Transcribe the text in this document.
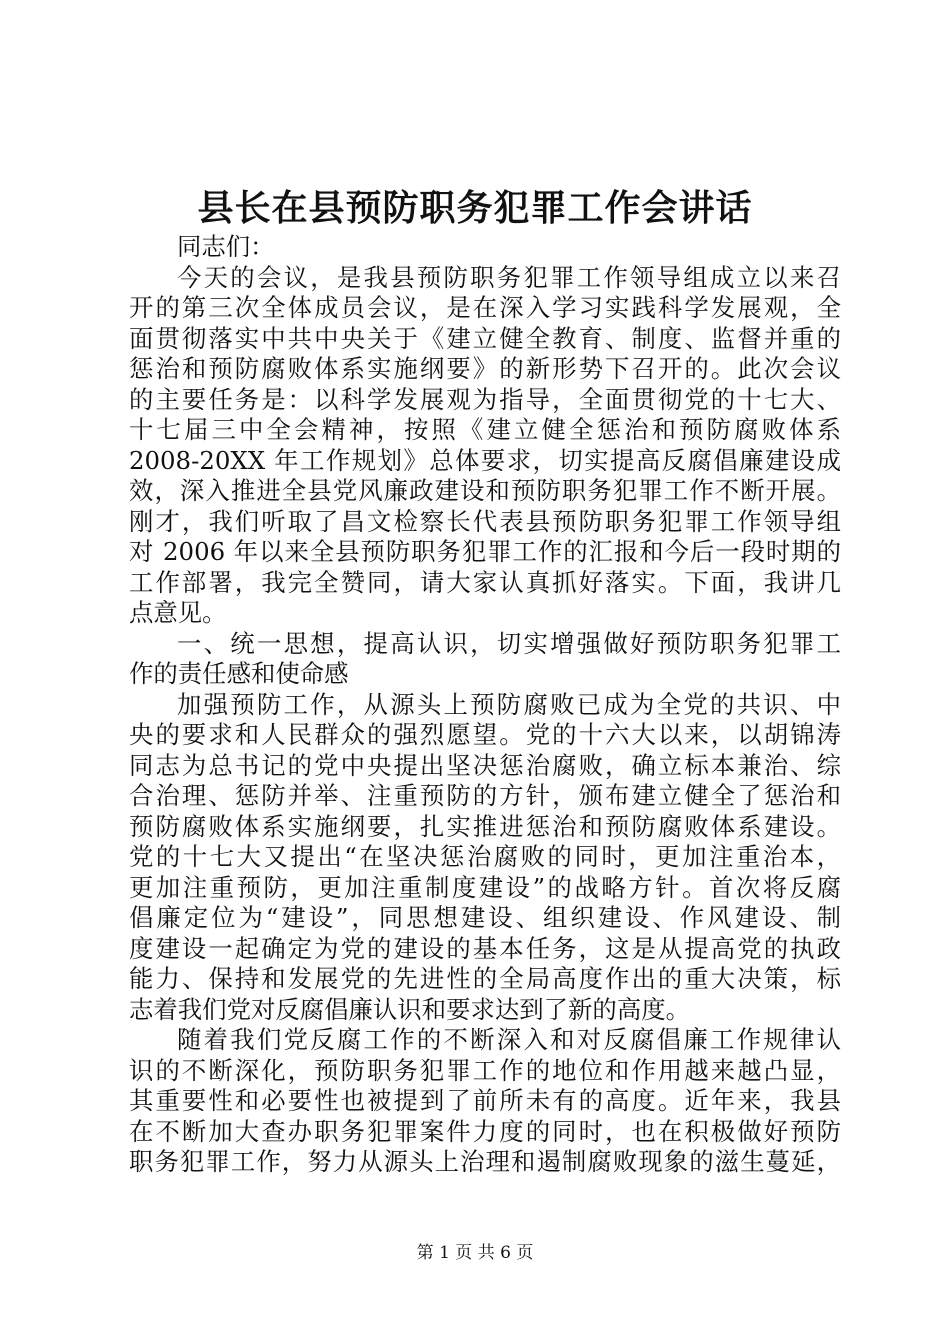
县长在县预防职务犯罪工作会讲话
同志们：
今天的会议，是我县预防职务犯罪工作领导组成立以来召
开的第三次全体成员会议，是在深入学习实践科学发展观，全
面贯彻落实中共中央关于《建立健全教育、制度、监督并重的
惩治和预防腐败体系实施纲要》的新形势下召开的。此次会议
的主要任务是：以科学发展观为指导，全面贯彻党的十七大、
十七届三中全会精神，按照《建立健全惩治和预防腐败体系
2008-20XX 年工作规划》总体要求，切实提高反腐倡廉建设成
效，深入推进全县党风廉政建设和预防职务犯罪工作不断开展。
刚才，我们听取了昌文检察长代表县预防职务犯罪工作领导组
对 2006 年以来全县预防职务犯罪工作的汇报和今后一段时期的
工作部署，我完全赞同，请大家认真抓好落实。下面，我讲几
点意见。
一、统一思想，提高认识，切实增强做好预防职务犯罪工
作的责任感和使命感
加强预防工作，从源头上预防腐败已成为全党的共识、中
央的要求和人民群众的强烈愿望。党的十六大以来，以胡锦涛
同志为总书记的党中央提出坚决惩治腐败，确立标本兼治、综
合治理、惩防并举、注重预防的方针，颁布建立健全了惩治和
预防腐败体系实施纲要，扎实推进惩治和预防腐败体系建设。
党的十七大又提出“在坚决惩治腐败的同时，更加注重治本，
更加注重预防，更加注重制度建设”的战略方针。首次将反腐
倡廉定位为“建设”，同思想建设、组织建设、作风建设、制
度建设一起确定为党的建设的基本任务，这是从提高党的执政
能力、保持和发展党的先进性的全局高度作出的重大决策，标
志着我们党对反腐倡廉认识和要求达到了新的高度。
随着我们党反腐工作的不断深入和对反腐倡廉工作规律认
识的不断深化，预防职务犯罪工作的地位和作用越来越凸显，
其重要性和必要性也被提到了前所未有的高度。近年来，我县
在不断加大查办职务犯罪案件力度的同时，也在积极做好预防
职务犯罪工作，努力从源头上治理和遏制腐败现象的滋生蔓延，
第 1 页 共 6 页
